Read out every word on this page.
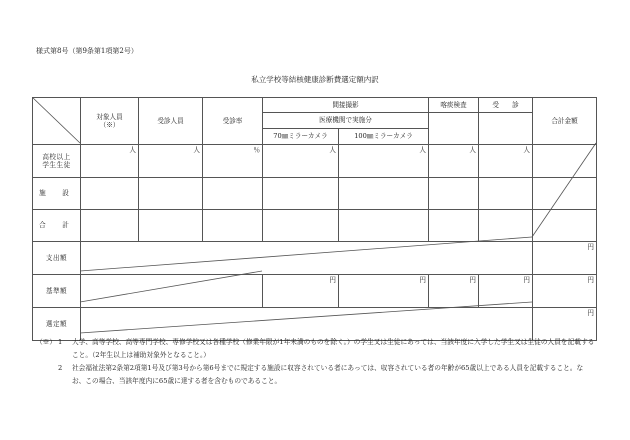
様式第8号（第9条第1項第2号）
私立学校等結核健康診断費選定額内訳
	対象人員
（※）	受診人員	受診率	間接撮影		喀痰検査	受　　診	合計金額
				医療機関で実施分				
				70㎜ミラーカメラ	100㎜ミラーカメラ			
高校以上
学生生徒	人	人	％	人	人	人	人	
施　設								
合　計								
支出額								円
基準額				円	円	円	円	円
選定額								円
（※） 1	大学、高等学校、高等専門学校、専修学校又は各種学校（修業年限が1年未満のものを除く。）の学生又は生徒にあっては、当該年度に入学した学生又は生徒の人員を記載すること。（2年生以上は補助対象外となること。）
2	社会福祉法第2条第2項第1号及び第3号から第6号までに規定する施設に収容されている者にあっては、収容されている者の年齢が65歳以上である人員を記載すること。なお、この場合、当該年度内に65歳に達する者を含むものであること。
